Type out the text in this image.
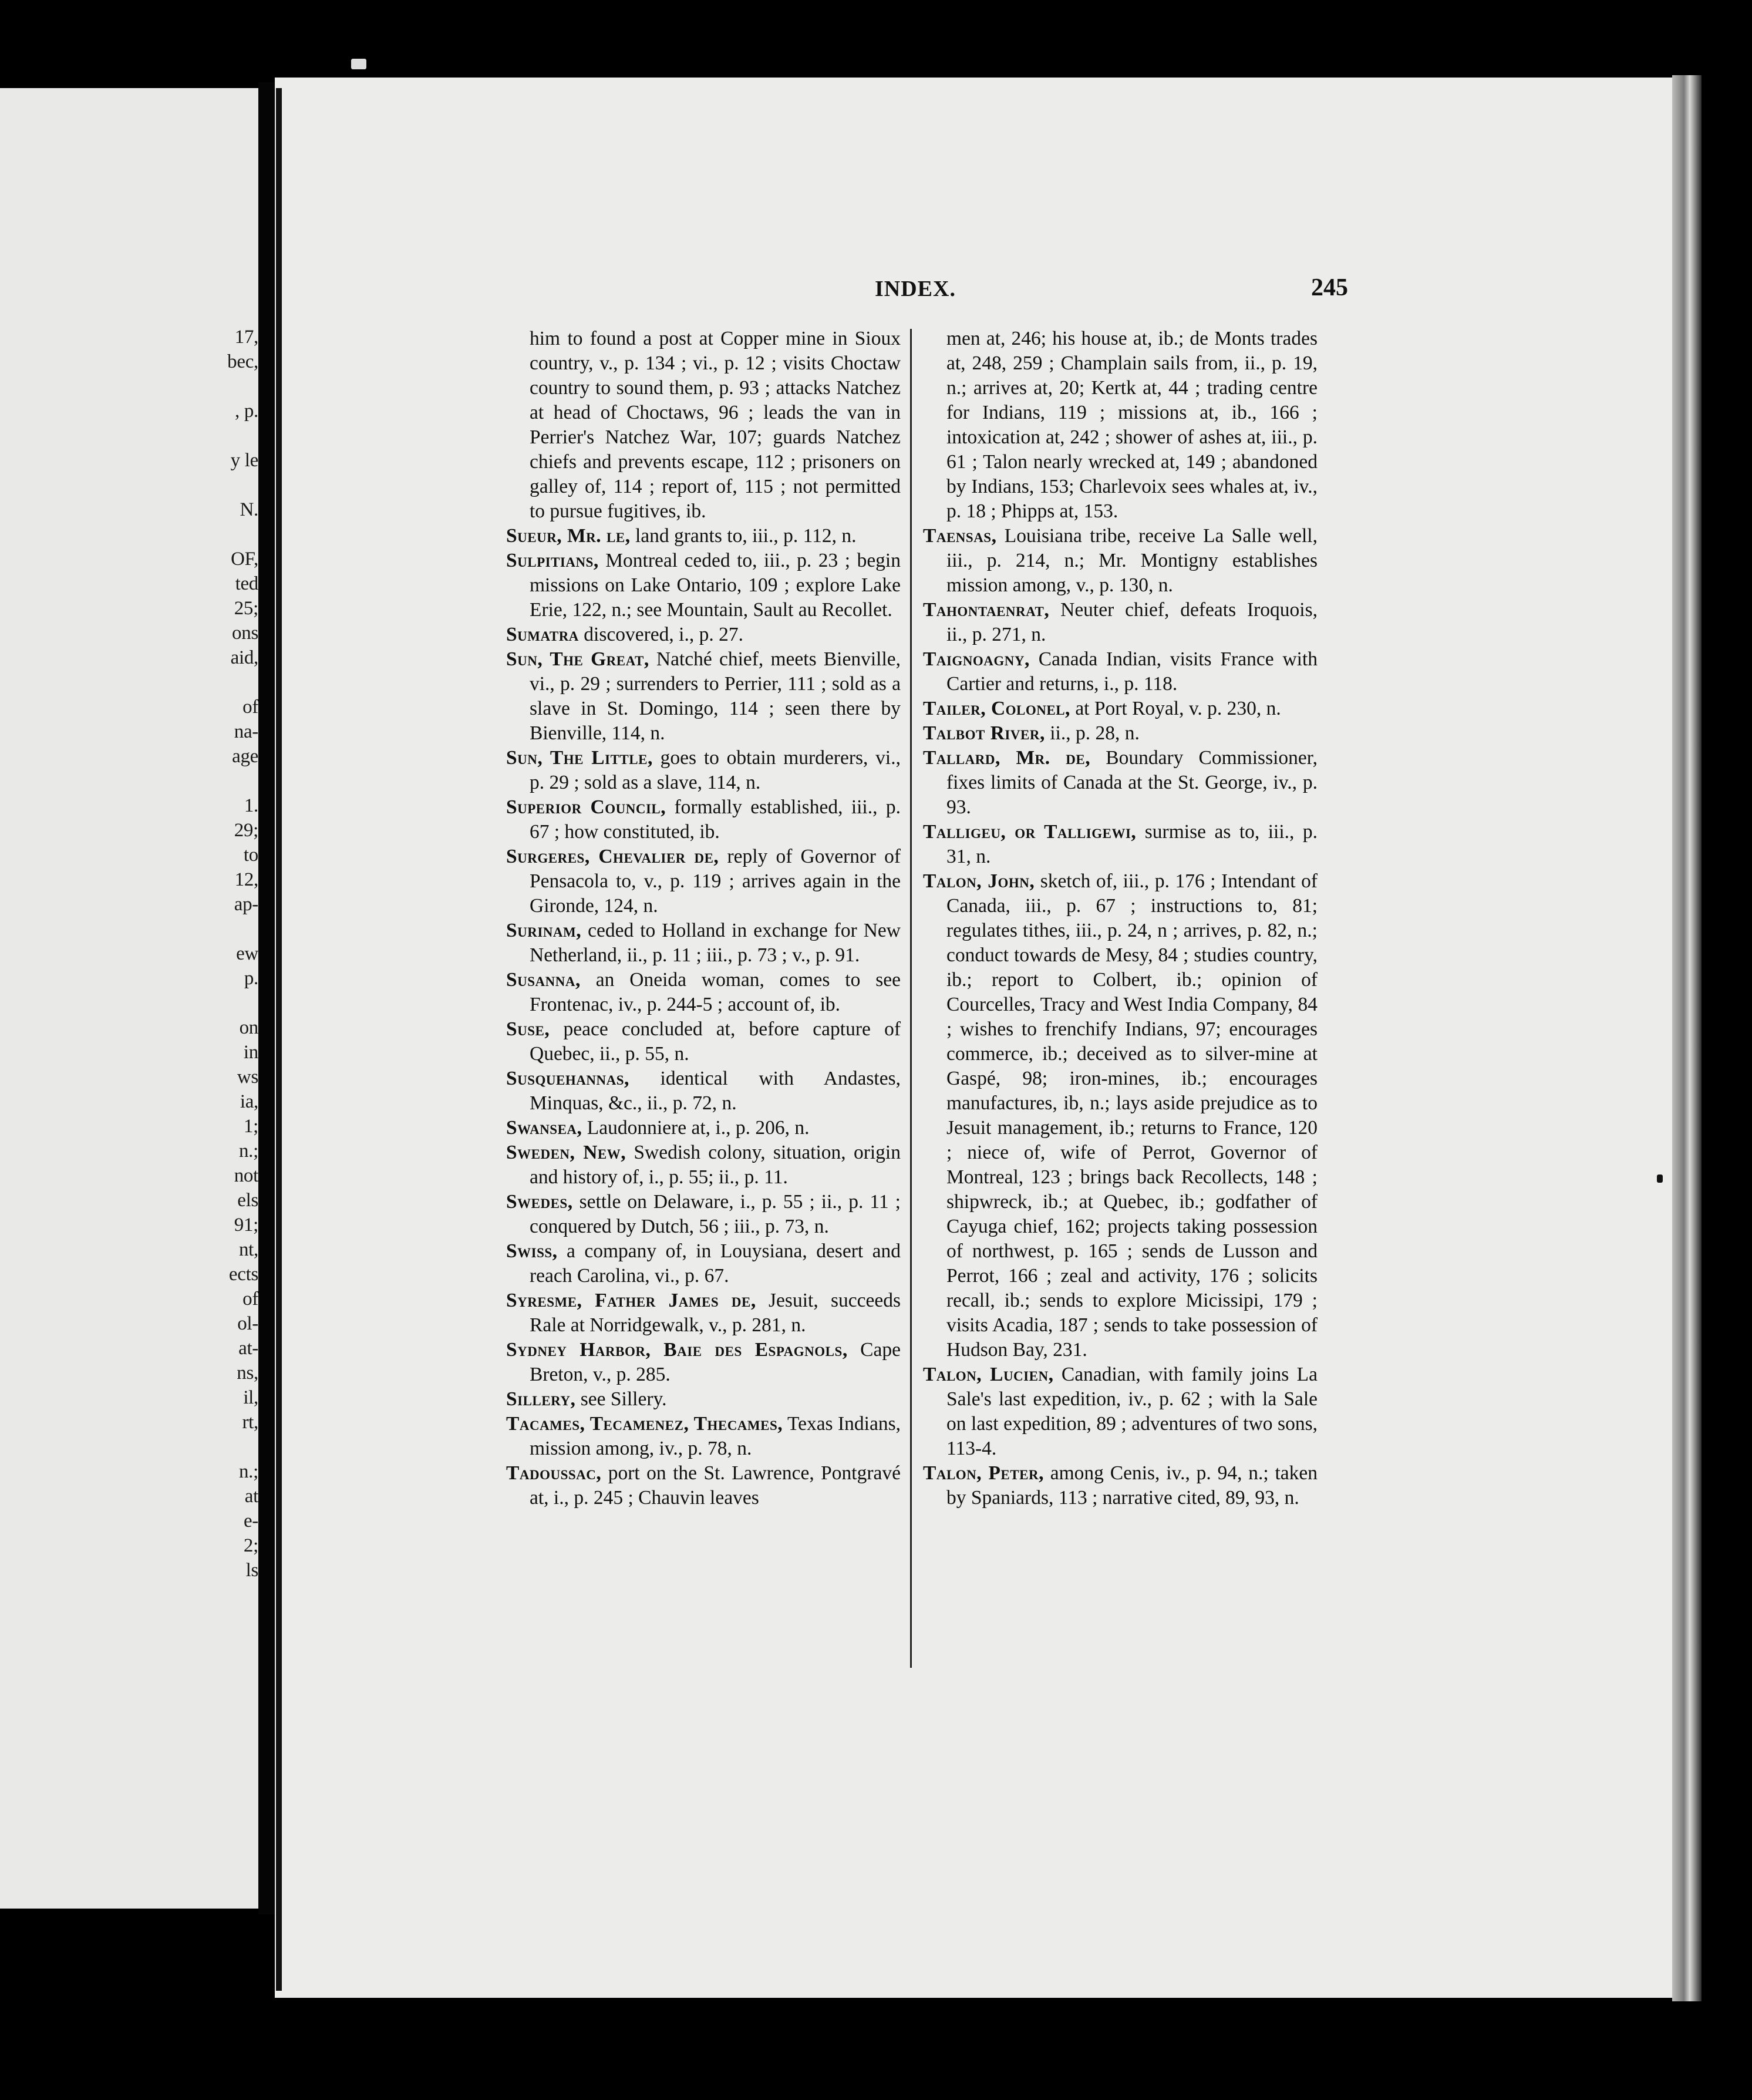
17,
bec,
, p.
y le
N.
OF,
ted
25;
ons
aid,
of
na-
age
1.
29;
to
12,
ap-
ew
p.
on
in
ws
ia,
1;
n.;
not
els
91;
nt,
ects
of
ol-
at-
ns,
il,
rt,
n.;
at
e-
2;
ls
INDEX.	245

him to found a post at Copper mine in Sioux country, v., p. 134 ; vi., p. 12 ; visits Choctaw country to sound them, p. 93 ; attacks Natchez at head of Choctaws, 96 ; leads the van in Perrier's Natchez War, 107; guards Natchez chiefs and prevents escape, 112 ; prisoners on galley of, 114 ; report of, 115 ; not permitted to pursue fugitives, ib.

Sueur, Mr. le, land grants to, iii., p. 112, n.

Sulpitians, Montreal ceded to, iii., p. 23 ; begin missions on Lake Ontario, 109 ; explore Lake Erie, 122, n.; see Mountain, Sault au Recollet.

Sumatra discovered, i., p. 27.

Sun, The Great, Natché chief, meets Bienville, vi., p. 29 ; surrenders to Perrier, 111 ; sold as a slave in St. Domingo, 114 ; seen there by Bienville, 114, n.

Sun, The Little, goes to obtain murderers, vi., p. 29 ; sold as a slave, 114, n.

Superior Council, formally established, iii., p. 67 ; how constituted, ib.

Surgeres, Chevalier de, reply of Governor of Pensacola to, v., p. 119 ; arrives again in the Gironde, 124, n.

Surinam, ceded to Holland in exchange for New Netherland, ii., p. 11 ; iii., p. 73 ; v., p. 91.

Susanna, an Oneida woman, comes to see Frontenac, iv., p. 244-5 ; account of, ib.

Suse, peace concluded at, before capture of Quebec, ii., p. 55, n.

Susquehannas, identical with Andastes, Minquas, &c., ii., p. 72, n.

Swansea, Laudonniere at, i., p. 206, n.

Sweden, New, Swedish colony, situation, origin and history of, i., p. 55; ii., p. 11.

Swedes, settle on Delaware, i., p. 55 ; ii., p. 11 ; conquered by Dutch, 56 ; iii., p. 73, n.

Swiss, a company of, in Louysiana, desert and reach Carolina, vi., p. 67.

Syresme, Father James de, Jesuit, succeeds Rale at Norridgewalk, v., p. 281, n.

Sydney Harbor, Baie des Espagnols, Cape Breton, v., p. 285.

Sillery, see Sillery.

Tacames, Tecamenez, Thecames, Texas Indians, mission among, iv., p. 78, n.

Tadoussac, port on the St. Lawrence, Pontgravé at, i., p. 245 ; Chauvin leaves

men at, 246; his house at, ib.; de Monts trades at, 248, 259 ; Champlain sails from, ii., p. 19, n.; arrives at, 20; Kertk at, 44 ; trading centre for Indians, 119 ; missions at, ib., 166 ; intoxication at, 242 ; shower of ashes at, iii., p. 61 ; Talon nearly wrecked at, 149 ; abandoned by Indians, 153; Charlevoix sees whales at, iv., p. 18 ; Phipps at, 153.

Taensas, Louisiana tribe, receive La Salle well, iii., p. 214, n.; Mr. Montigny establishes mission among, v., p. 130, n.

Tahontaenrat, Neuter chief, defeats Iroquois, ii., p. 271, n.

Taignoagny, Canada Indian, visits France with Cartier and returns, i., p. 118.

Tailer, Colonel, at Port Royal, v. p. 230, n.

Talbot River, ii., p. 28, n.

Tallard, Mr. de, Boundary Commissioner, fixes limits of Canada at the St. George, iv., p. 93.

Talligeu, or Talligewi, surmise as to, iii., p. 31, n.

Talon, John, sketch of, iii., p. 176 ; Intendant of Canada, iii., p. 67 ; instructions to, 81; regulates tithes, iii., p. 24, n ; arrives, p. 82, n.; conduct towards de Mesy, 84 ; studies country, ib.; report to Colbert, ib.; opinion of Courcelles, Tracy and West India Company, 84 ; wishes to frenchify Indians, 97; encourages commerce, ib.; deceived as to silver-mine at Gaspé, 98; iron-mines, ib.; encourages manufactures, ib, n.; lays aside prejudice as to Jesuit management, ib.; returns to France, 120 ; niece of, wife of Perrot, Governor of Montreal, 123 ; brings back Recollects, 148 ; shipwreck, ib.; at Quebec, ib.; godfather of Cayuga chief, 162; projects taking possession of northwest, p. 165 ; sends de Lusson and Perrot, 166 ; zeal and activity, 176 ; solicits recall, ib.; sends to explore Micissipi, 179 ; visits Acadia, 187 ; sends to take possession of Hudson Bay, 231.

Talon, Lucien, Canadian, with family joins La Sale's last expedition, iv., p. 62 ; with la Sale on last expedition, 89 ; adventures of two sons, 113-4.

Talon, Peter, among Cenis, iv., p. 94, n.; taken by Spaniards, 113 ; narrative cited, 89, 93, n.
